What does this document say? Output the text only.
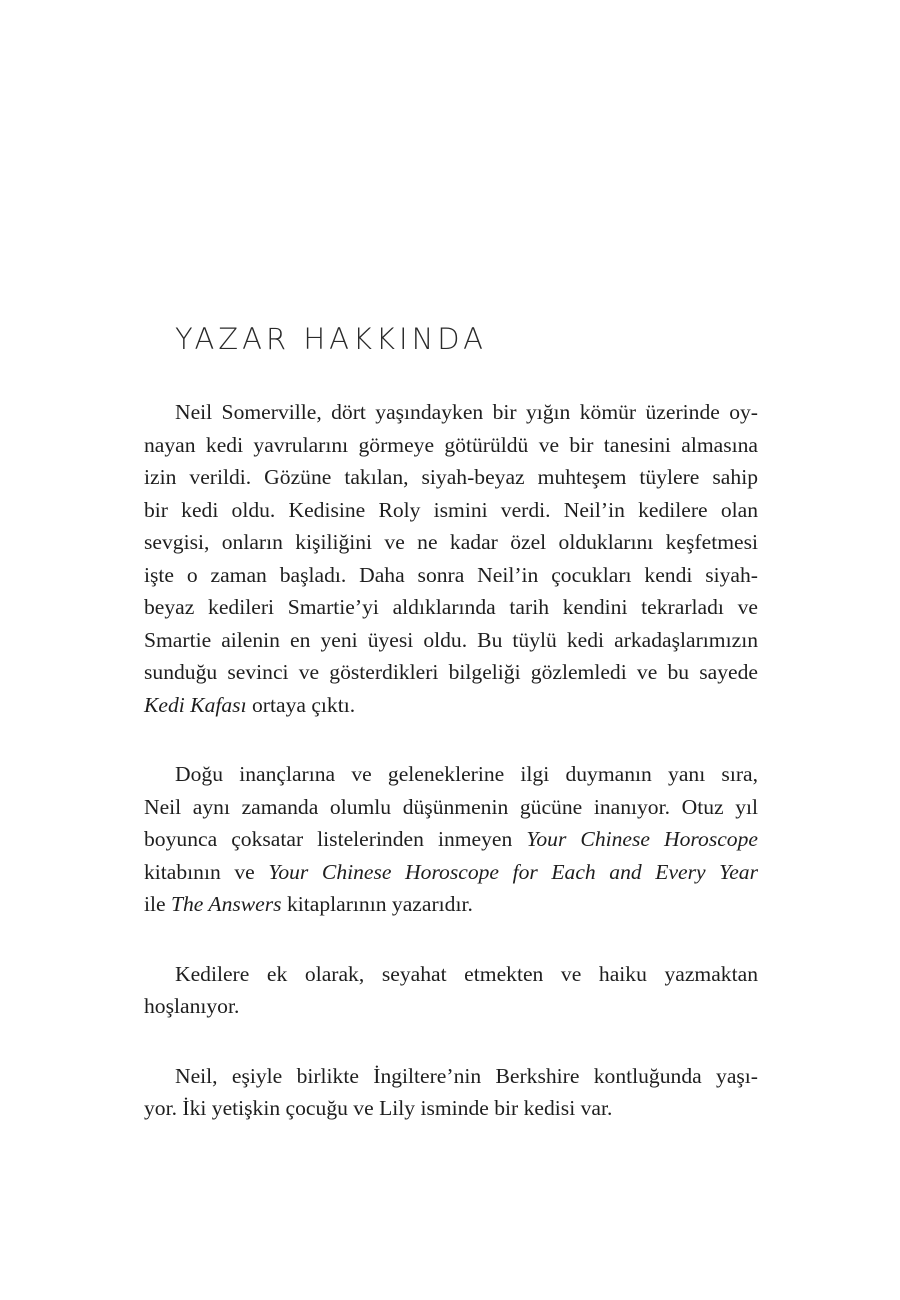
YAZAR HAKKINDA

Neil Somerville, dört yaşındayken bir yığın kömür üzerinde oy-
nayan kedi yavrularını görmeye götürüldü ve bir tanesini almasına
izin verildi. Gözüne takılan, siyah-beyaz muhteşem tüylere sahip
bir kedi oldu. Kedisine Roly ismini verdi. Neil’in kedilere olan
sevgisi, onların kişiliğini ve ne kadar özel olduklarını keşfetmesi
işte o zaman başladı. Daha sonra Neil’in çocukları kendi siyah-
beyaz kedileri Smartie’yi aldıklarında tarih kendini tekrarladı ve
Smartie ailenin en yeni üyesi oldu. Bu tüylü kedi arkadaşlarımızın
sunduğu sevinci ve gösterdikleri bilgeliği gözlemledi ve bu sayede
Kedi Kafası ortaya çıktı.

Doğu inançlarına ve geleneklerine ilgi duymanın yanı sıra,
Neil aynı zamanda olumlu düşünmenin gücüne inanıyor. Otuz yıl
boyunca çoksatar listelerinden inmeyen Your Chinese Horoscope
kitabının ve Your Chinese Horoscope for Each and Every Year
ile The Answers kitaplarının yazarıdır.

Kedilere ek olarak, seyahat etmekten ve haiku yazmaktan
hoşlanıyor.

Neil, eşiyle birlikte İngiltere’nin Berkshire kontluğunda yaşı-
yor. İki yetişkin çocuğu ve Lily isminde bir kedisi var.
